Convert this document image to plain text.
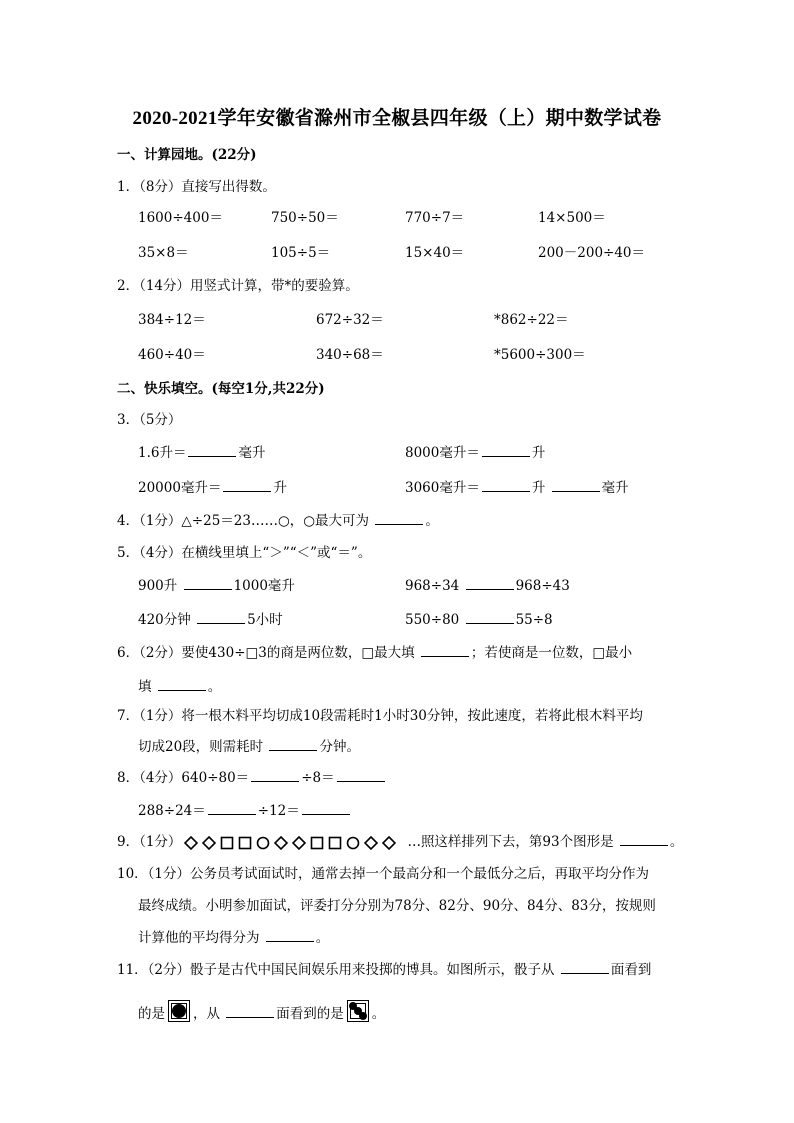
2020-2021学年安徽省滁州市全椒县四年级（上）期中数学试卷
一、计算园地。(22分)
1．（8分）直接写出得数。
1600÷400＝	750÷50＝	770÷7＝	14×500＝
35×8＝	105÷5＝	15×40＝	200－200÷40＝
2．（14分）用竖式计算，带*的要验算。
384÷12＝	672÷32＝	*862÷22＝
460÷40＝	340÷68＝	*5600÷300＝
二、快乐填空。(每空1分,共22分)
3．（5分）
1.6升＝	毫升	8000毫升＝	升
20000毫升＝	升	3060毫升＝	升	毫升
4．（1分）△÷25＝23……○，○最大可为	。
5．（4分）在横线里填上“＞”“＜”或“＝”。
900升	1000毫升	968÷34	968÷43
420分钟	5小时	550÷80	55÷8
6．（2分）要使430÷□3的商是两位数，□最大填	；若使商是一位数，□最小
填	。
7．（1分）将一根木料平均切成10段需耗时1小时30分钟，按此速度，若将此根木料平均
切成20段，则需耗时	分钟。
8．（4分）640÷80＝	÷8＝
288÷24＝	÷12＝
9．（1分）	…照这样排列下去，第93个图形是	。
10．（1分）公务员考试面试时，通常去掉一个最高分和一个最低分之后，再取平均分作为
最终成绩。小明参加面试，评委打分分别为78分、82分、90分、84分、83分，按规则
计算他的平均得分为	。
11．（2分）骰子是古代中国民间娱乐用来投掷的博具。如图所示，骰子从	面看到
的是 ，从	面看到的是 。
